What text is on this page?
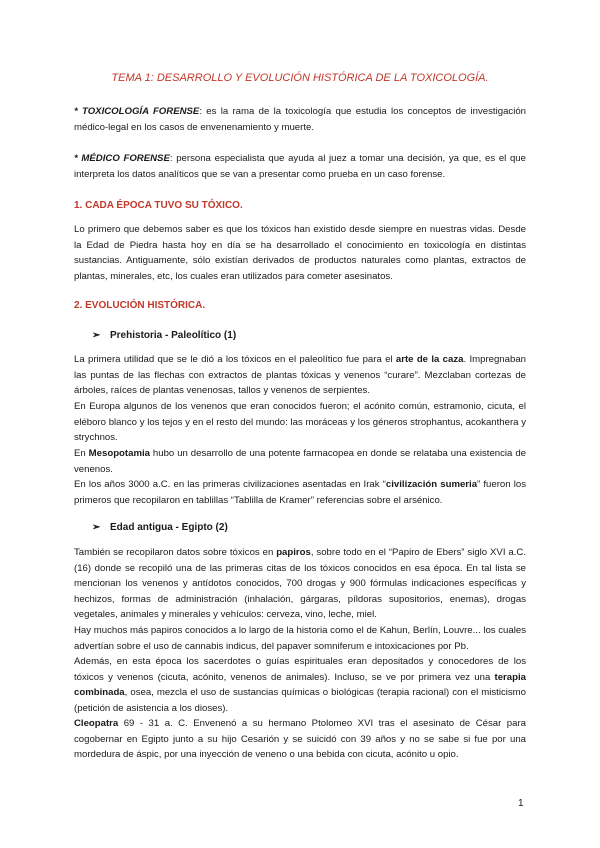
TEMA 1: DESARROLLO Y EVOLUCIÓN HISTÓRICA DE LA TOXICOLOGÍA.

* TOXICOLOGÍA FORENSE: es la rama de la toxicología que estudia los conceptos de investigación médico-legal en los casos de envenenamiento y muerte.

* MÉDICO FORENSE: persona especialista que ayuda al juez a tomar una decisión, ya que, es el que interpreta los datos analíticos que se van a presentar como prueba en un caso forense.

1. CADA ÉPOCA TUVO SU TÓXICO.

Lo primero que debemos saber es que los tóxicos han existido desde siempre en nuestras vidas. Desde la Edad de Piedra hasta hoy en día se ha desarrollado el conocimiento en toxicología en distintas sustancias. Antiguamente, sólo existían derivados de productos naturales como plantas, extractos de plantas, minerales, etc, los cuales eran utilizados para cometer asesinatos.

2. EVOLUCIÓN HISTÓRICA.
➢ Prehistoria - Paleolítico (1)

La primera utilidad que se le dió a los tóxicos en el paleolítico fue para el arte de la caza. Impregnaban las puntas de las flechas con extractos de plantas tóxicas y venenos “curare”. Mezclaban cortezas de árboles, raíces de plantas venenosas, tallos y venenos de serpientes.

En Europa algunos de los venenos que eran conocidos fueron; el acónito común, estramonio, cicuta, el eléboro blanco y los tejos y en el resto del mundo: las moráceas y los géneros strophantus, acokanthera y strychnos.

En Mesopotamia hubo un desarrollo de una potente farmacopea en donde se relataba una existencia de venenos.

En los años 3000 a.C. en las primeras civilizaciones asentadas en Irak “civilización sumeria” fueron los primeros que recopilaron en tablillas “Tablilla de Kramer” referencias sobre el arsénico.

➢ Edad antigua - Egipto (2)

También se recopilaron datos sobre tóxicos en papiros, sobre todo en el “Papiro de Ebers” siglo XVI a.C. (16) donde se recopiló una de las primeras citas de los tóxicos conocidos en esa época. En tal lista se mencionan los venenos y antídotos conocidos, 700 drogas y 900 fórmulas indicaciones específicas y hechizos, formas de administración (inhalación, gárgaras, píldoras supositorios, enemas), drogas vegetales, animales y minerales y vehículos: cerveza, vino, leche, miel.

Hay muchos más papiros conocidos a lo largo de la historia como el de Kahun, Berlín, Louvre... los cuales advertían sobre el uso de cannabis indicus, del papaver somniferum e intoxicaciones por Pb.

Además, en esta época los sacerdotes o guías espirituales eran depositados y conocedores de los tóxicos y venenos (cicuta, acónito, venenos de animales). Incluso, se ve por primera vez una terapia combinada, osea, mezcla el uso de sustancias químicas o biológicas (terapia racional) con el misticismo (petición de asistencia a los dioses).

Cleopatra 69 - 31 a. C. Envenenó a su hermano Ptolomeo XVI tras el asesinato de César para cogobernar en Egipto junto a su hijo Cesarión y se suicidó con 39 años y no se sabe si fue por una mordedura de áspic, por una inyección de veneno o una bebida con cicuta, acónito u opio.

1
